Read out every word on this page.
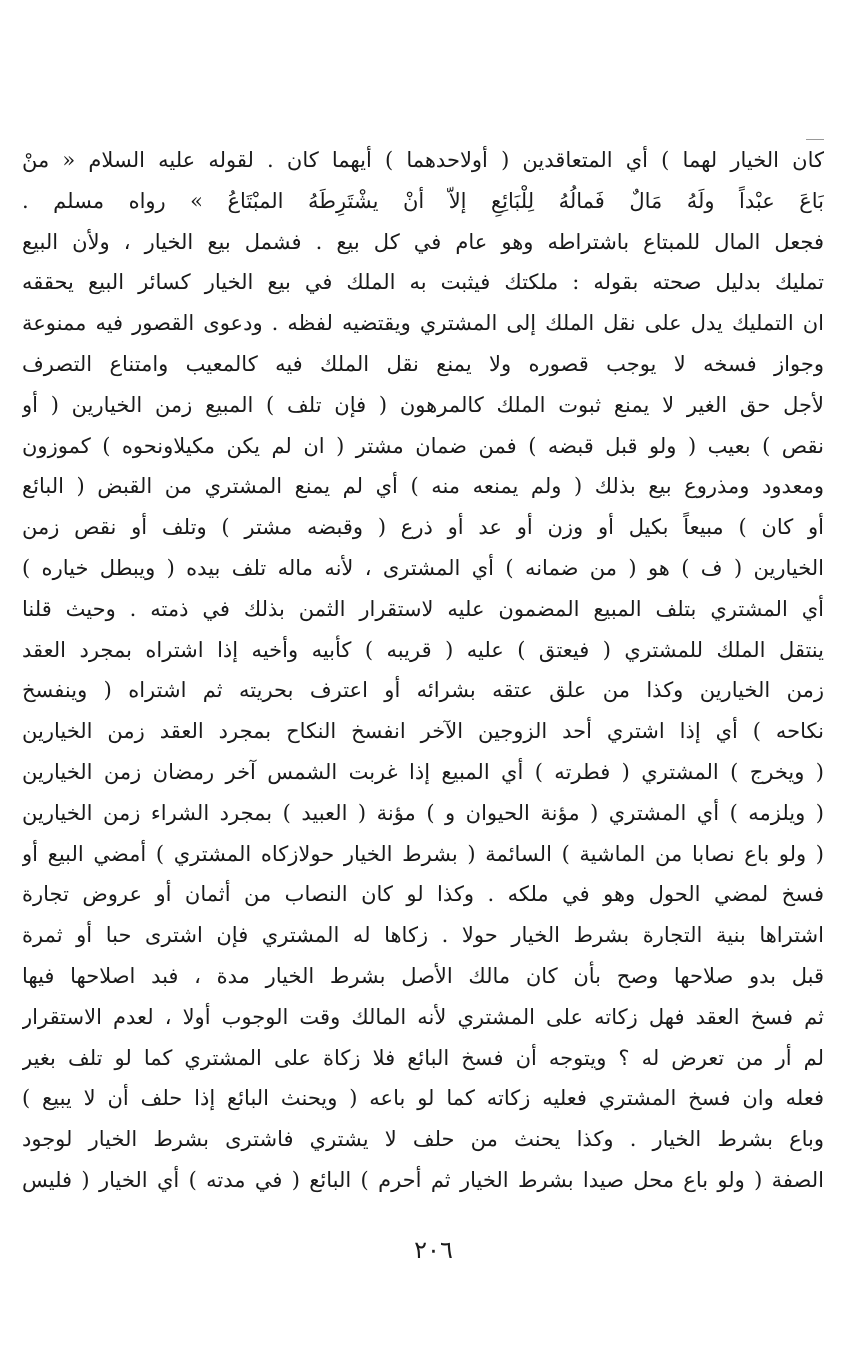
كان الخيار لهما ) أي المتعاقدين ( أولاحدهما ) أيهما كان . لقوله عليه السلام « منْ
بَاعَ عبْداً ولَهُ مَالٌ فَمالُهُ لِلْبَائِعِ إلاّ أنْ يشْتَرِطَهُ المبْتَاعُ » رواه مسلم .
فجعل المال للمبتاع باشتراطه وهو عام في كل بيع . فشمل بيع الخيار ، ولأن البيع
تمليك بدليل صحته بقوله : ملكتك فيثبت به الملك في بيع الخيار كسائر البيع يحققه
ان التمليك يدل على نقل الملك إلى المشتري ويقتضيه لفظه . ودعوى القصور فيه ممنوعة
وجواز فسخه لا يوجب قصوره ولا يمنع نقل الملك فيه كالمعيب وامتناع التصرف
لأجل حق الغير لا يمنع ثبوت الملك كالمرهون ( فإن تلف ) المبيع زمن الخيارين ( أو
نقص ) بعيب ( ولو قبل قبضه ) فمن ضمان مشتر ( ان لم يكن مكيلاونحوه ) كموزون
ومعدود ومذروع بيع بذلك ( ولم يمنعه منه ) أي لم يمنع المشتري من القبض ( البائع
أو كان ) مبيعاً بكيل أو وزن أو عد أو ذرع ( وقبضه مشتر ) وتلف أو نقص زمن
الخيارين ( ف ) هو ( من ضمانه ) أي المشترى ، لأنه ماله تلف بيده ( ويبطل خياره )
أي المشتري بتلف المبيع المضمون عليه لاستقرار الثمن بذلك في ذمته . وحيث قلنا
ينتقل الملك للمشتري ( فيعتق ) عليه ( قريبه ) كأبيه وأخيه إذا اشتراه بمجرد العقد
زمن الخيارين وكذا من علق عتقه بشرائه أو اعترف بحريته ثم اشتراه ( وينفسخ
نكاحه ) أي إذا اشتري أحد الزوجين الآخر انفسخ النكاح بمجرد العقد زمن الخيارين
( ويخرج ) المشتري ( فطرته ) أي المبيع إذا غربت الشمس آخر رمضان زمن الخيارين
( ويلزمه ) أي المشتري ( مؤنة الحيوان و ) مؤنة ( العبيد ) بمجرد الشراء زمن الخيارين
( ولو باع نصابا من الماشية ) السائمة ( بشرط الخيار حولازكاه المشتري ) أمضي البيع أو
فسخ لمضي الحول وهو في ملكه . وكذا لو كان النصاب من أثمان أو عروض تجارة
اشتراها بنية التجارة بشرط الخيار حولا . زكاها له المشتري فإن اشترى حبا أو ثمرة
قبل بدو صلاحها وصح بأن كان مالك الأصل بشرط الخيار مدة ، فبد اصلاحها فيها
ثم فسخ العقد فهل زكاته على المشتري لأنه المالك وقت الوجوب أولا ، لعدم الاستقرار
لم أر من تعرض له ؟ ويتوجه أن فسخ البائع فلا زكاة على المشتري كما لو تلف بغير
فعله وان فسخ المشتري فعليه زكاته كما لو باعه ( ويحنث البائع إذا حلف أن لا يبيع )
وباع بشرط الخيار . وكذا يحنث من حلف لا يشتري فاشترى بشرط الخيار لوجود
الصفة ( ولو باع محل صيدا بشرط الخيار ثم أحرم ) البائع ( في مدته ) أي الخيار ( فليس
٢٠٦
